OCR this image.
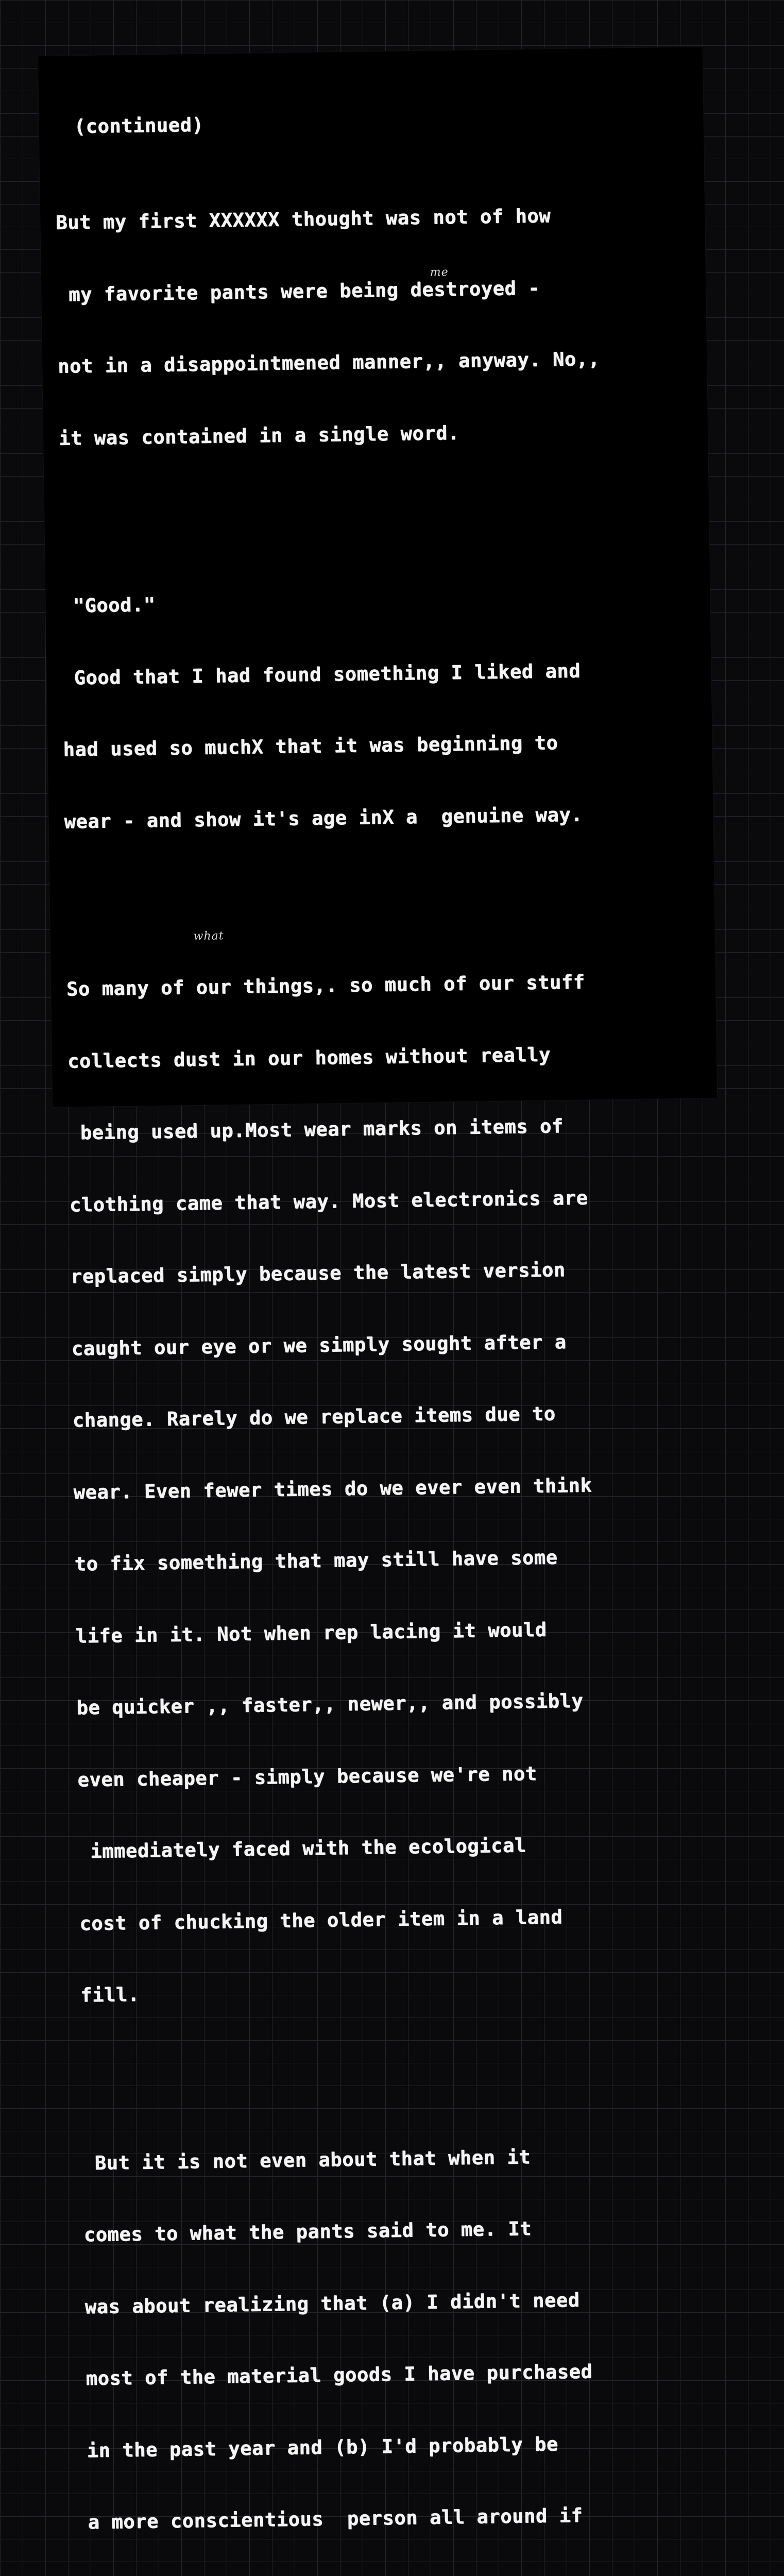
(continued)

But my first XXXXXX thought was not of how

my favorite pants were being destroyed -

not in a disappointmened manner,, anyway. No,,

it was contained in a single word.

"Good."

Good that I had found something I liked and

had used so muchX that it was beginning to

wear - and show it's age inX a  genuine way.

So many of our things,. so much of our stuff

collects dust in our homes without really

being used up.Most wear marks on items of

clothing came that way. Most electronics are

replaced simply because the latest version

caught our eye or we simply sought after a

change. Rarely do we replace items due to

wear. Even fewer times do we ever even think

to fix something that may still have some

life in it. Not when rep lacing it would

be quicker ,, faster,, newer,, and possibly

even cheaper - simply because we're not

immediately faced with the ecological

cost of chucking the older item in a land

fill.

But it is not even about that when it

comes to what the pants said to me. It

was about realizing that (a) I didn't need

most of the material goods I have purchased

in the past year and (b) I'd probably be

a more conscientious  person all around if

me
what
